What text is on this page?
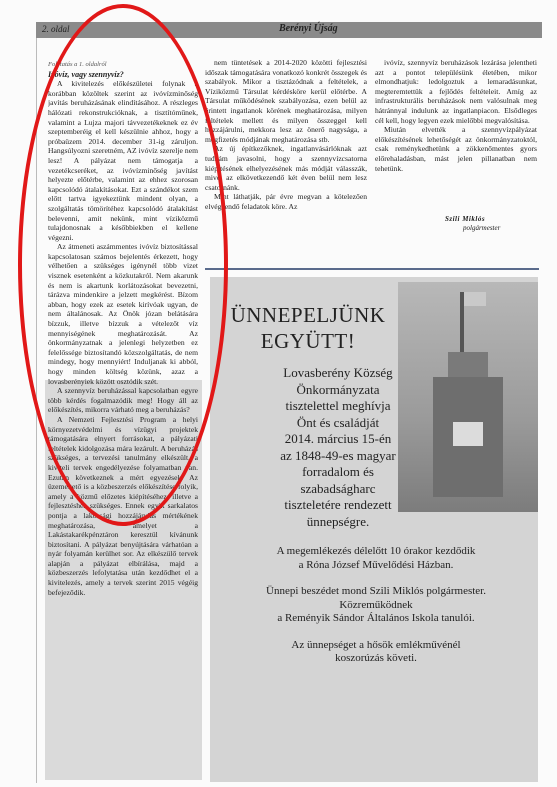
2. oldal	Berényi Újság

Folytatás a 1. oldalról

Ivóvíz, vagy szennyvíz?

A kivitelezés előkészületei folynak a korábban közöltek szerint az ivóvízminőség javítás beruházásának elindításához. A részleges hálózati rekonstrukcióknak, a tisztítóműnek, valamint a Lujza majori távvezetékeknek ez év szeptemberéig el kell készülnie ahhoz, hogy a próbaüzem 2014. december 31-ig záruljon. Hangsúlyozni szeretném, AZ ivóvíz szerelje nem lesz! A pályázat nem támogatja a vezetékcseréket, az ivóvízminőség javítást helyezte előtérbe, valamint az ehhez szorosan kapcsolódó átalakításokat. Ezt a szándékot szem előtt tartva igyekeztünk mindent olyan, a szolgáltatás tömörítéhez kapcsolódó átalakítást belevenni, amit nekünk, mint víziközmű tulajdonosnak a későbbiekben el kellene végezni.

Az átmeneti aszámmentes ivóvíz biztosítással kapcsolatosan számos bejelentés érkezett, hogy vélhetően a szükséges igénynél több vizet visznek esetenként a közkutakról. Nem akarunk és nem is akartunk korlátozásokat bevezetni, tárázva mindenkire a jelzett megkérést. Bízom abban, hogy ezek az esetek kirívóak ugyan, de nem általánosak. Az Önök józan belátására bízzuk, illetve bízzuk a vételezőt víz mennyiségének meghatározását. Az önkormányzatnak a jelenlegi helyzetben ez felelőssége biztosítandó közszolgáltatás, de nem mindegy, hogy mennyiért! Induljanak ki abból, hogy minden költség közünk, azaz a lovasberényiek között osztódik szét.

A szennyvíz beruházással kapcsolatban egyre több kérdés fogalmazódik meg! Hogy áll az előkészítés, mikorra várható meg a beruházás?

A Nemzeti Fejlesztési Program a helyi környezetvédelmi és vízügyi projektek támogatására elnyert forrásokat, a pályázati feltételek kidolgozása mára lezárult. A beruházás szükséges, a tervezési tanulmány elkészült, a kiviteli tervek engedélyezése folyamatban van. Ezután következnek a mért egyezések. Az üzemeltető is a közbeszerzés előkészítése folyik, amely a közmű előzetes kiépítéséhez, illetve a fejlesztéshez szükséges. Ennek egyik sarkalatos pontja a lakossági hozzájárulás mértékének meghatározása, amelyet a Lakástakarékpénztáron keresztül kívánunk biztosítani. A pályázat benyújtására várhatóan a nyár folyamán kerülhet sor. Az elkészülő tervek alapján a pályázat elbírálása, majd a közbeszerzés lefolytatása után kezdődhet el a kivitelezés, amely a tervek szerint 2015 végéig befejeződik.

nem tüntetések a 2014-2020 közötti fejlesztési időszak támogatására vonatkozó konkrét összegek és szabályok. Mikor a tisztázódnak a feltételek, a Víziközmű Társulat kérdésköre kerül előtérbe. A Társulat működésének szabályozása, ezen belül az érintett ingatlanok körének meghatározása, milyen feltételek mellett és milyen összeggel kell hozzájárulni, mekkora lesz az önerő nagysága, a megfizetés módjának meghatározása stb.

Az új építkezőknek, ingatlanvásárlóknak azt tudnám javasolni, hogy a szennyvízcsatorna kiépítésének elhelyezésének más módját válasszák, mivel az elkövetkezendő két éven belül nem lesz csatornánk.

Mint láthatják, pár évre megvan a kötelezően elvégzendő feladatok köre. Az

ivóvíz, szennyvíz beruházások lezárása jelentheti azt a pontot településünk életében, mikor elmondhatjuk: ledolgoztuk a lemaradásunkat, megteremtettük a fejlődés feltételeit. Amíg az infrastrukturális beruházások nem valósulnak meg hátránnyal indulunk az ingatlanpiacon. Elsődleges cél kell, hogy legyen ezek mielőbbi megvalósítása.

Miután elvették a szennyvízpályázat előkészítésének lehetőségét az önkormányzatoktól, csak reménykedhetünk a zökkenőmentes gyors előrehaladásban, mást jelen pillanatban nem tehetünk.

Szili Miklós
polgármester
ÜNNEPELJÜNK
EGYÜTT!
Lovasberény Község
Önkormányzata
tisztelettel meghívja
Önt és családját
2014. március 15-én
az 1848-49-es magyar
forradalom és
szabadságharc
tiszteletére rendezett
ünnepségre.

A megemlékezés délelőtt 10 órakor kezdődik
a Róna József Művelődési Házban.

Ünnepi beszédet mond Szili Miklós polgármester.
Közreműködnek
a Reményik Sándor Általános Iskola tanulói.

Az ünnepséget a hősök emlékművénél
koszorúzás követi.
